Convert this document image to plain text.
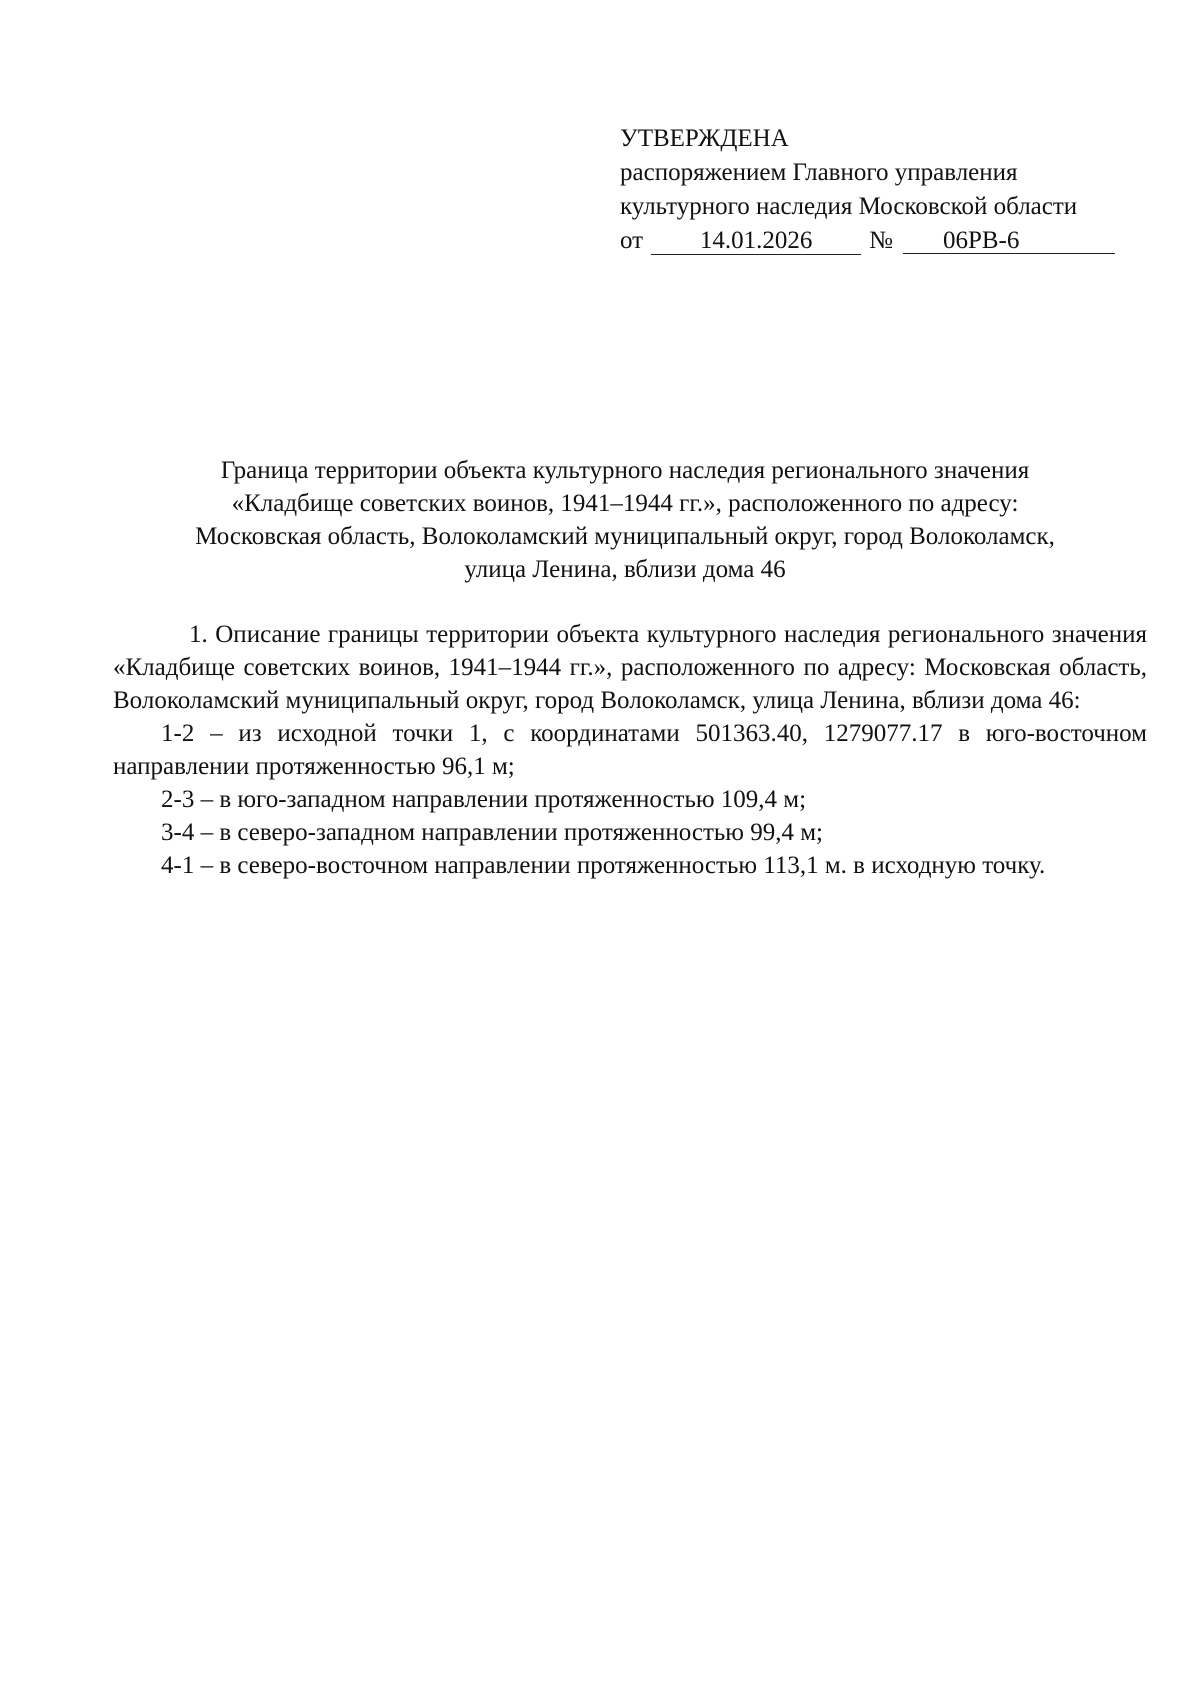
УТВЕРЖДЕНА
распоряжением Главного управления
культурного наследия Московской области
от	14.01.2026	№	06РВ-6
Граница территории объекта культурного наследия регионального значения
«Кладбище советских воинов, 1941–1944 гг.», расположенного по адресу:
Московская область, Волоколамский муниципальный округ, город Волоколамск,
улица Ленина, вблизи дома 46

1. Описание границы территории объекта культурного наследия регионального значения «Кладбище советских воинов, 1941–1944 гг.», расположенного по адресу: Московская область, Волоколамский муниципальный округ, город Волоколамск, улица Ленина, вблизи дома 46:

1-2 – из исходной точки 1, с координатами 501363.40, 1279077.17 в юго-восточном направлении протяженностью 96,1 м;

2-3 – в юго-западном направлении протяженностью 109,4 м;

3-4 – в северо-западном направлении протяженностью 99,4 м;

4-1 – в северо-восточном направлении протяженностью 113,1 м. в исходную точку.
